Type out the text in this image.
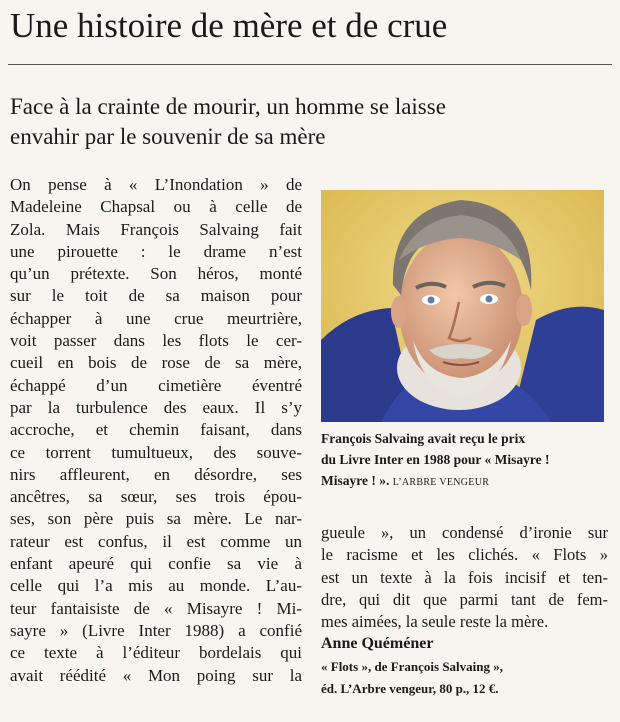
Une histoire de mère et de crue
Face à la crainte de mourir, un homme se laisse
envahir par le souvenir de sa mère
On pense à « L’Inondation » de
Madeleine Chapsal ou à celle de
Zola. Mais François Salvaing fait
une pirouette : le drame n’est
qu’un prétexte. Son héros, monté
sur le toit de sa maison pour
échapper à une crue meurtrière,
voit passer dans les flots le cer-
cueil en bois de rose de sa mère,
échappé d’un cimetière éventré
par la turbulence des eaux. Il s’y
accroche, et chemin faisant, dans
ce torrent tumultueux, des souve-
nirs affleurent, en désordre, ses
ancêtres, sa sœur, ses trois épou-
ses, son père puis sa mère. Le nar-
rateur est confus, il est comme un
enfant apeuré qui confie sa vie à
celle qui l’a mis au monde. L’au-
teur fantaisiste de « Misayre ! Mi-
sayre » (Livre Inter 1988) a confié
ce texte à l’éditeur bordelais qui
avait réédité « Mon poing sur la
François Salvaing avait reçu le prix
du Livre Inter en 1988 pour « Misayre !
Misayre ! ». L’ARBRE VENGEUR
gueule », un condensé d’ironie sur
le racisme et les clichés. « Flots »
est un texte à la fois incisif et ten-
dre, qui dit que parmi tant de fem-
mes aimées, la seule reste la mère.
Anne Quéméner
« Flots », de François Salvaing »,
éd. L’Arbre vengeur, 80 p., 12 €.
